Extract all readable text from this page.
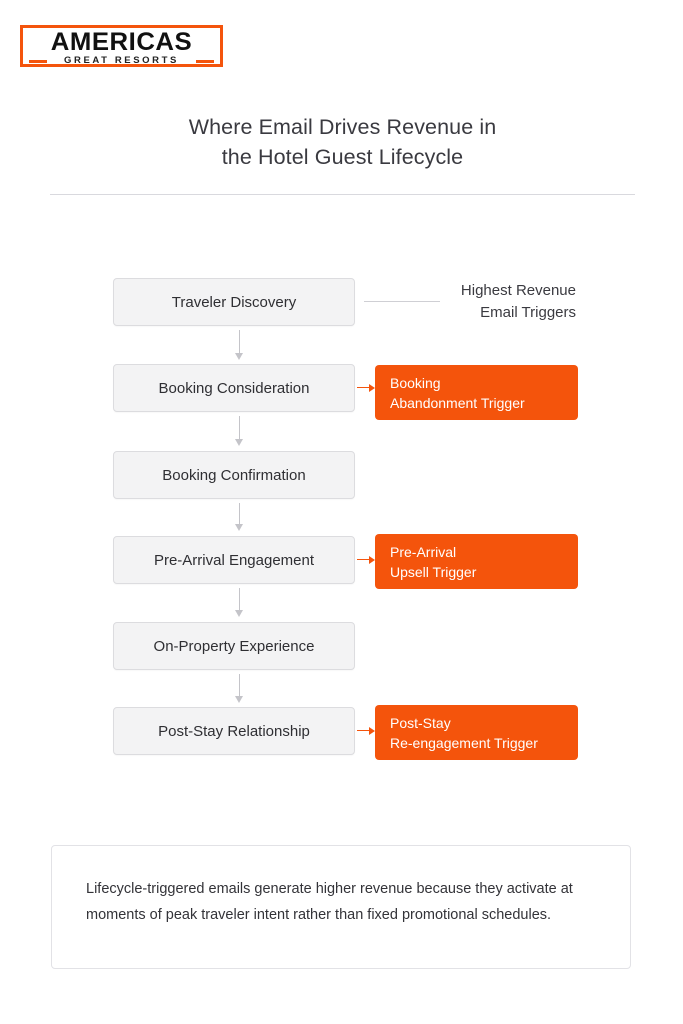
AMERICAS
GREAT RESORTS
Where Email Drives Revenue in
the Hotel Guest Lifecycle
Highest Revenue
Email Triggers
Traveler Discovery
Booking Consideration
Booking Confirmation
Pre-Arrival Engagement
On-Property Experience
Post-Stay Relationship
Booking
Abandonment Trigger
Pre-Arrival
Upsell Trigger
Post-Stay
Re-engagement Trigger
Lifecycle-triggered emails generate higher revenue because they activate at moments of peak traveler intent rather than fixed promotional schedules.
